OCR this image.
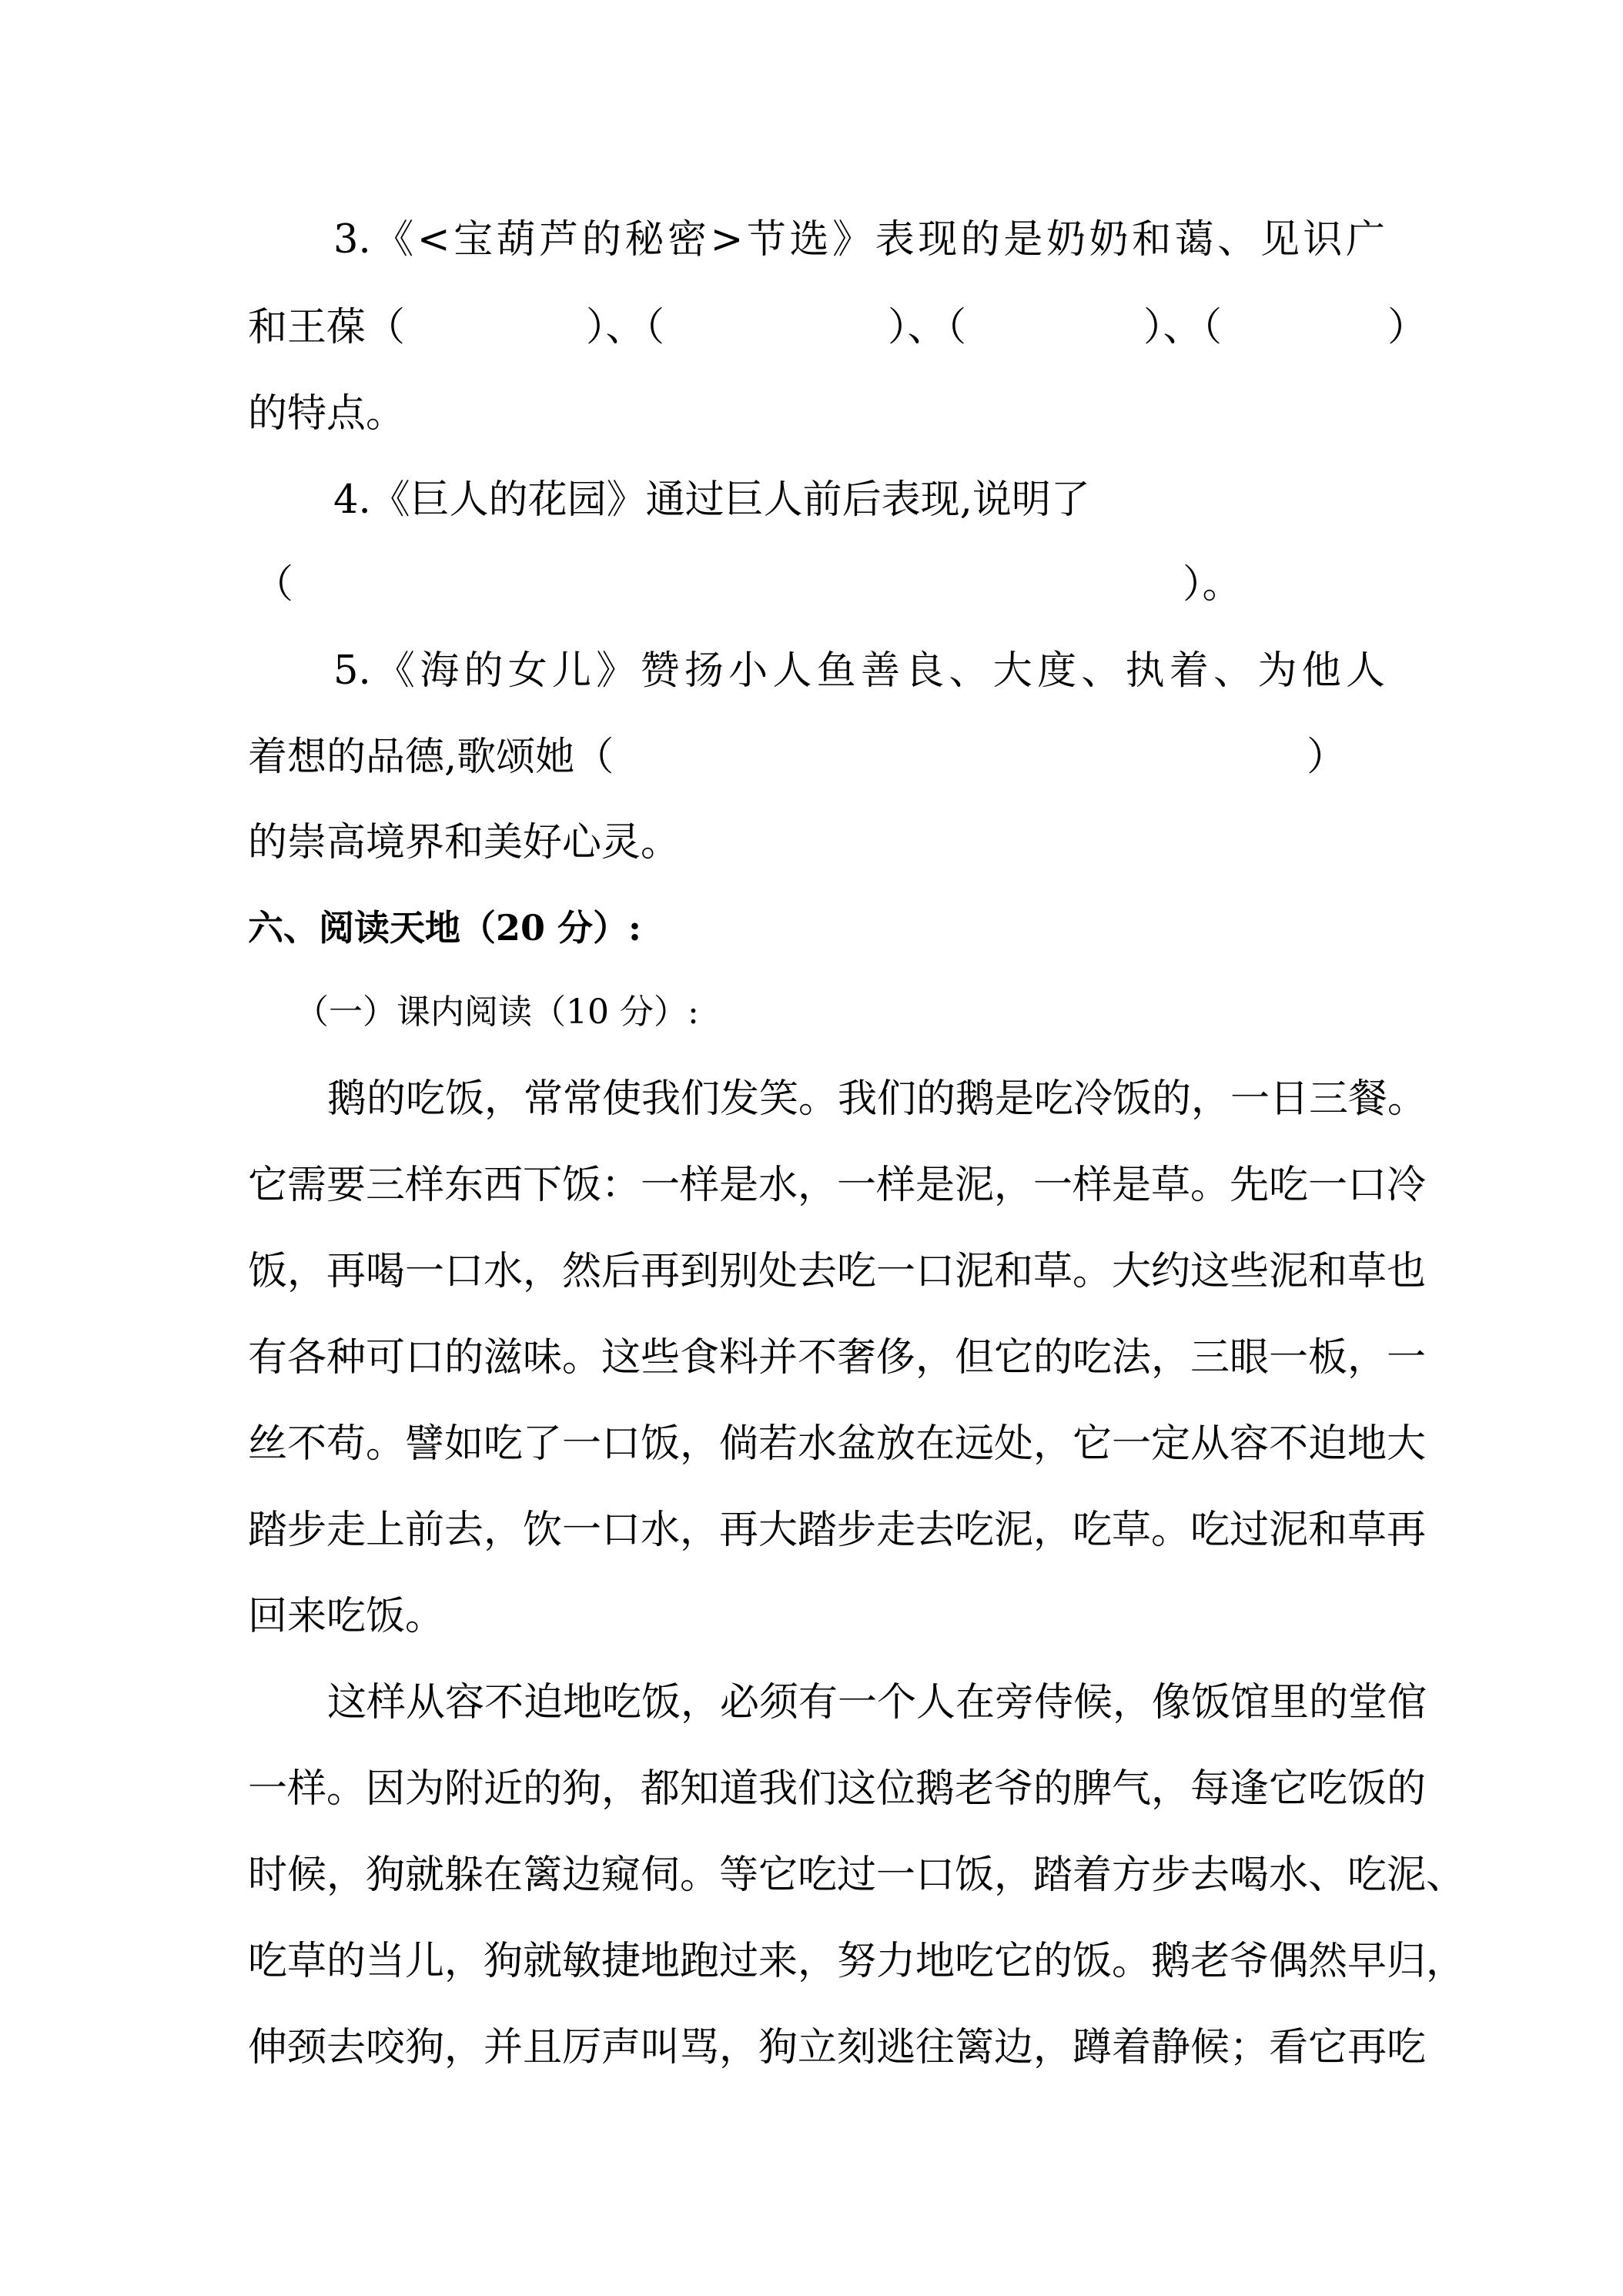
3.《<宝葫芦的秘密>节选》表现的是奶奶和蔼、见识广
和王葆（	）、（	）、（	）、（	）
的特点。
4.《巨人的花园》通过巨人前后表现,说明了
（	）。
5.《海的女儿》赞扬小人鱼善良、大度、执着、为他人
着想的品德,歌颂她（	）
的崇高境界和美好心灵。
六、阅读天地（20 分）:
（一）课内阅读（10 分）:
鹅的吃饭，常常使我们发笑。我们的鹅是吃冷饭的，一日三餐。
它需要三样东西下饭：一样是水，一样是泥，一样是草。先吃一口冷
饭，再喝一口水，然后再到别处去吃一口泥和草。大约这些泥和草也
有各种可口的滋味。这些食料并不奢侈，但它的吃法，三眼一板，一
丝不苟。譬如吃了一口饭，倘若水盆放在远处，它一定从容不迫地大
踏步走上前去，饮一口水，再大踏步走去吃泥，吃草。吃过泥和草再
回来吃饭。
这样从容不迫地吃饭，必须有一个人在旁侍候，像饭馆里的堂倌
一样。因为附近的狗，都知道我们这位鹅老爷的脾气，每逢它吃饭的
时候，狗就躲在篱边窥伺。等它吃过一口饭，踏着方步去喝水、吃泥、
吃草的当儿，狗就敏捷地跑过来，努力地吃它的饭。鹅老爷偶然早归，
伸颈去咬狗，并且厉声叫骂，狗立刻逃往篱边，蹲着静候；看它再吃
